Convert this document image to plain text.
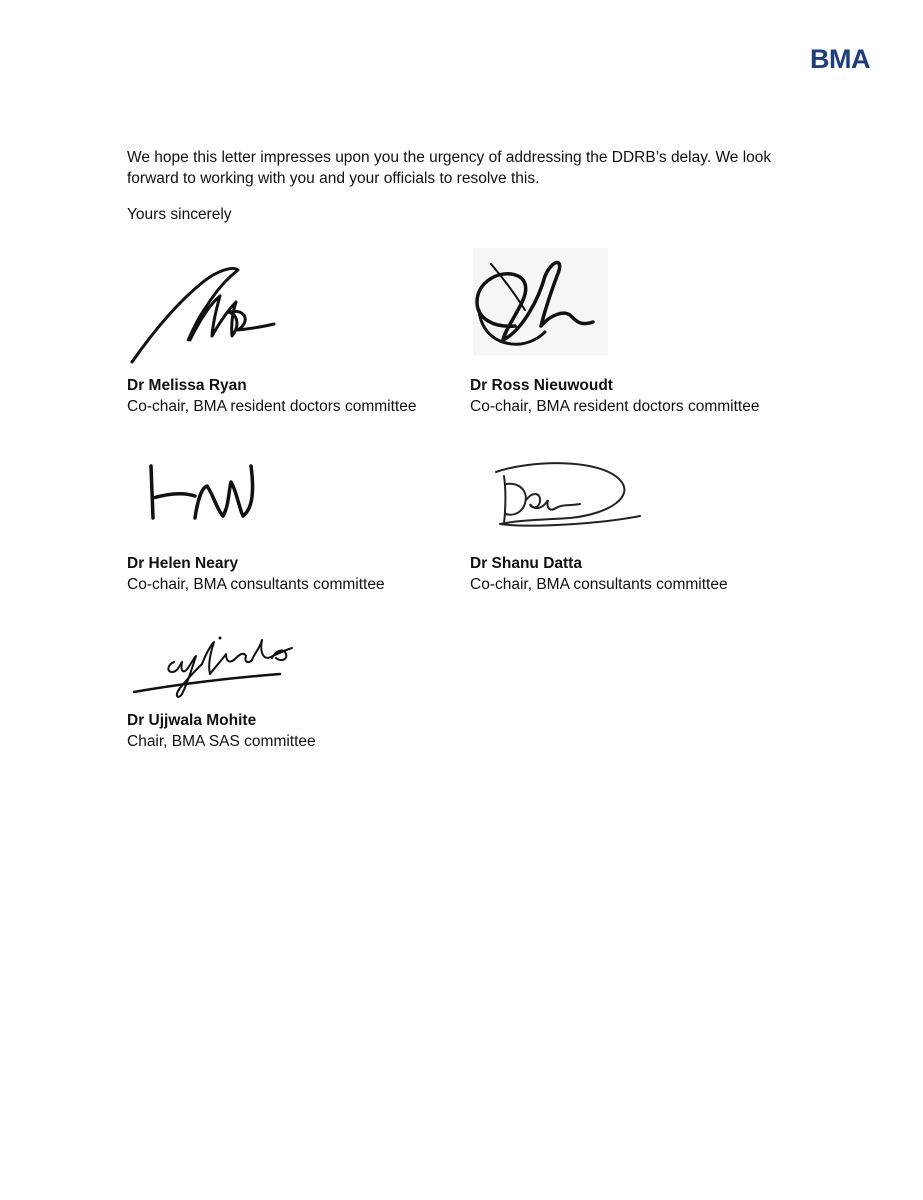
BMA

We hope this letter impresses upon you the urgency of addressing the DDRB’s delay. We look forward to working with you and your officials to resolve this.

Yours sincerely
Dr Melissa Ryan
Co-chair, BMA resident doctors committee
Dr Ross Nieuwoudt
Co-chair, BMA resident doctors committee
Dr Helen Neary
Co-chair, BMA consultants committee
Dr Shanu Datta
Co-chair, BMA consultants committee
Dr Ujjwala Mohite
Chair, BMA SAS committee
